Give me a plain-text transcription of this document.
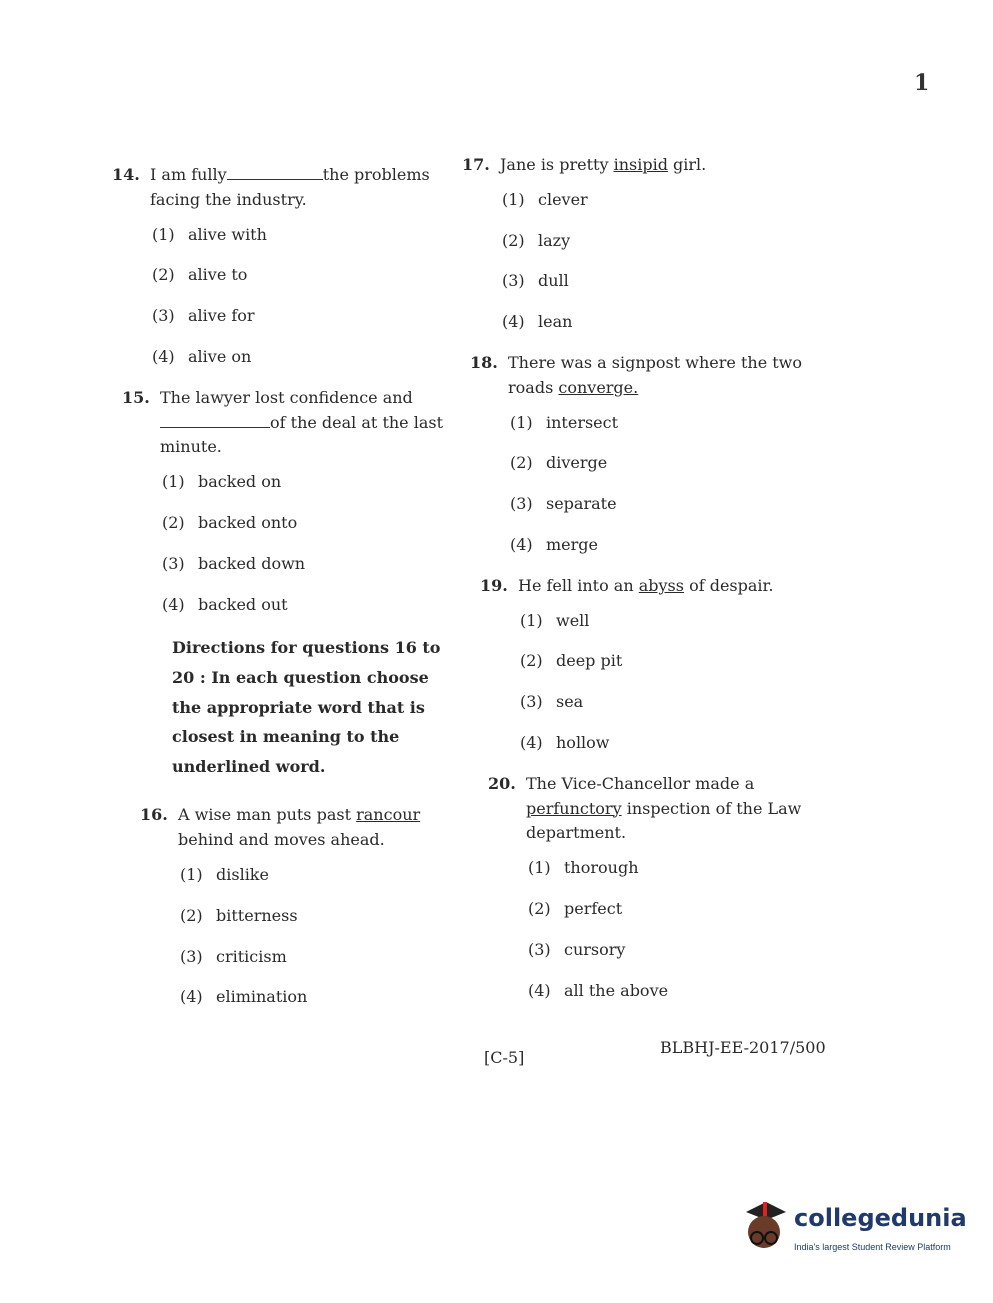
1
14. I am fully	the problems facing the industry.
(1) alive with
(2) alive to
(3) alive for
(4) alive on
15. The lawyer lost confidence and of the deal at the last minute.
(1) backed on
(2) backed onto
(3) backed down
(4) backed out
Directions for questions 16 to 20 : In each question choose the appropriate word that is closest in meaning to the underlined word.
16. A wise man puts past rancour behind and moves ahead.
(1) dislike
(2) bitterness
(3) criticism
(4) elimination
17. Jane is pretty insipid girl.
(1) clever
(2) lazy
(3) dull
(4) lean
18. There was a signpost where the two roads converge.
(1) intersect
(2) diverge
(3) separate
(4) merge
19. He fell into an abyss of despair.
(1) well
(2) deep pit
(3) sea
(4) hollow
20. The Vice-Chancellor made a perfunctory inspection of the Law department.
(1) thorough
(2) perfect
(3) cursory
(4) all the above
[C-5]
BLBHJ-EE-2017/500
collegedunia
India's largest Student Review Platform
